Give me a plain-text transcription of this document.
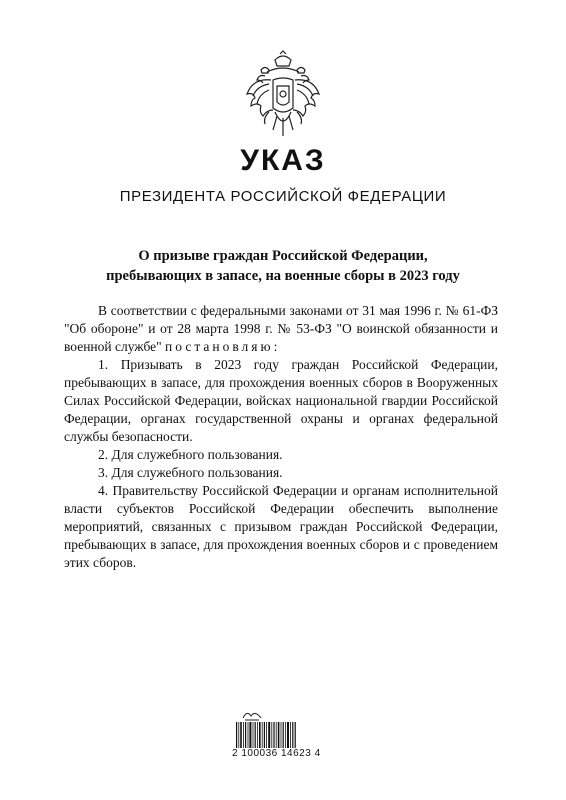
УКАЗ
ПРЕЗИДЕНТА РОССИЙСКОЙ ФЕДЕРАЦИИ
О призыве граждан Российской Федерации,
пребывающих в запасе, на военные сборы в 2023 году

В соответствии с федеральными законами от 31 мая 1996 г. № 61-ФЗ "Об обороне" и от 28 марта 1998 г. № 53-ФЗ "О воинской обязанности и военной службе" постановляю:

1. Призывать в 2023 году граждан Российской Федерации, пребывающих в запасе, для прохождения военных сборов в Вооруженных Силах Российской Федерации, войсках национальной гвардии Российской Федерации, органах государственной охраны и органах федеральной службы безопасности.

2. Для служебного пользования.

3. Для служебного пользования.

4. Правительству Российской Федерации и органам исполнительной власти субъектов Российской Федерации обеспечить выполнение мероприятий, связанных с призывом граждан Российской Федерации, пребывающих в запасе, для прохождения военных сборов и с проведением этих сборов.

2 100036 14623 4
